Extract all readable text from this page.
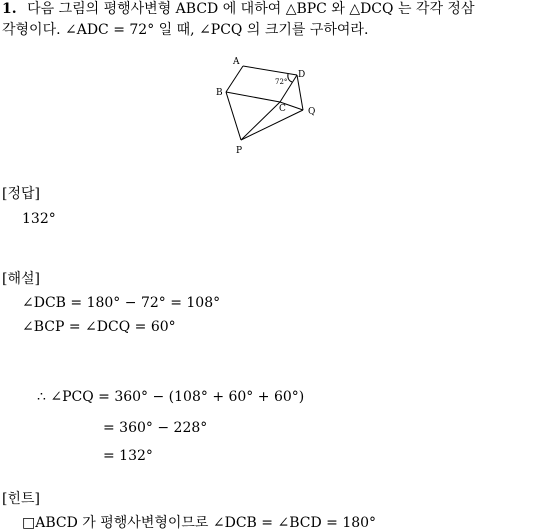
1. 다음 그림의 평행사변형 ABCD 에 대하여 △BPC 와 △DCQ 는 각각 정삼
각형이다. ∠ADC = 72° 일 때, ∠PCQ 의 크기를 구하여라.
A
D
72°
B
C Q
P
[정답]
132°
[해설]
∠DCB = 180° − 72° = 108°
∠BCP = ∠DCQ = 60°
∴ ∠PCQ = 360° − (108° + 60° + 60°)
= 360° − 228°
= 132°
[힌트]
□ABCD 가 평행사변형이므로 ∠DCB = ∠BCD = 180°
